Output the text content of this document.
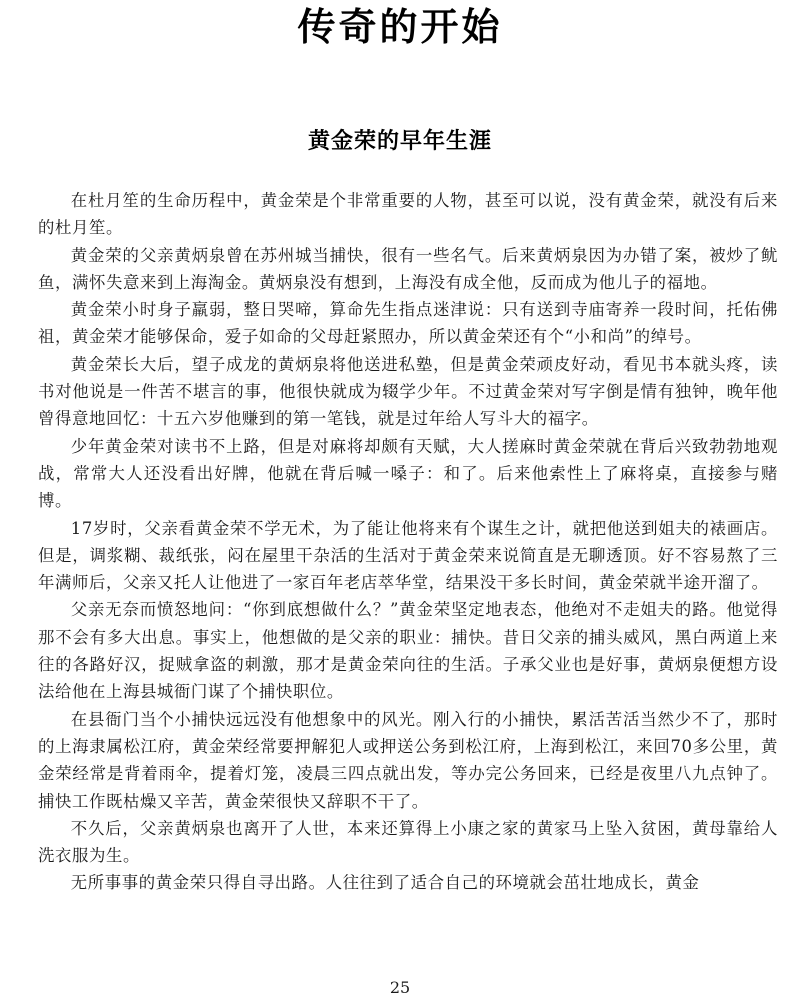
传奇的开始
黄金荣的早年生涯

在杜月笙的生命历程中，黄金荣是个非常重要的人物，甚至可以说，没有黄金荣，就没有后来的杜月笙。

黄金荣的父亲黄炳泉曾在苏州城当捕快，很有一些名气。后来黄炳泉因为办错了案，被炒了鱿鱼，满怀失意来到上海淘金。黄炳泉没有想到，上海没有成全他，反而成为他儿子的福地。

黄金荣小时身子羸弱，整日哭啼，算命先生指点迷津说：只有送到寺庙寄养一段时间，托佑佛祖，黄金荣才能够保命，爱子如命的父母赶紧照办，所以黄金荣还有个“小和尚”的绰号。

黄金荣长大后，望子成龙的黄炳泉将他送进私塾，但是黄金荣顽皮好动，看见书本就头疼，读书对他说是一件苦不堪言的事，他很快就成为辍学少年。不过黄金荣对写字倒是情有独钟，晚年他曾得意地回忆：十五六岁他赚到的第一笔钱，就是过年给人写斗大的福字。

少年黄金荣对读书不上路，但是对麻将却颇有天赋，大人搓麻时黄金荣就在背后兴致勃勃地观战，常常大人还没看出好牌，他就在背后喊一嗓子：和了。后来他索性上了麻将桌，直接参与赌博。

17岁时，父亲看黄金荣不学无术，为了能让他将来有个谋生之计，就把他送到姐夫的裱画店。但是，调浆糊、裁纸张，闷在屋里干杂活的生活对于黄金荣来说简直是无聊透顶。好不容易熬了三年满师后，父亲又托人让他进了一家百年老店萃华堂，结果没干多长时间，黄金荣就半途开溜了。

父亲无奈而愤怒地问：“你到底想做什么？”黄金荣坚定地表态，他绝对不走姐夫的路。他觉得那不会有多大出息。事实上，他想做的是父亲的职业：捕快。昔日父亲的捕头威风，黑白两道上来往的各路好汉，捉贼拿盗的刺激，那才是黄金荣向往的生活。子承父业也是好事，黄炳泉便想方设法给他在上海县城衙门谋了个捕快职位。

在县衙门当个小捕快远远没有他想象中的风光。刚入行的小捕快，累活苦活当然少不了，那时的上海隶属松江府，黄金荣经常要押解犯人或押送公务到松江府，上海到松江，来回70多公里，黄金荣经常是背着雨伞，提着灯笼，凌晨三四点就出发，等办完公务回来，已经是夜里八九点钟了。捕快工作既枯燥又辛苦，黄金荣很快又辞职不干了。

不久后，父亲黄炳泉也离开了人世，本来还算得上小康之家的黄家马上坠入贫困，黄母靠给人洗衣服为生。

无所事事的黄金荣只得自寻出路。人往往到了适合自己的环境就会茁壮地成长，黄金

25
